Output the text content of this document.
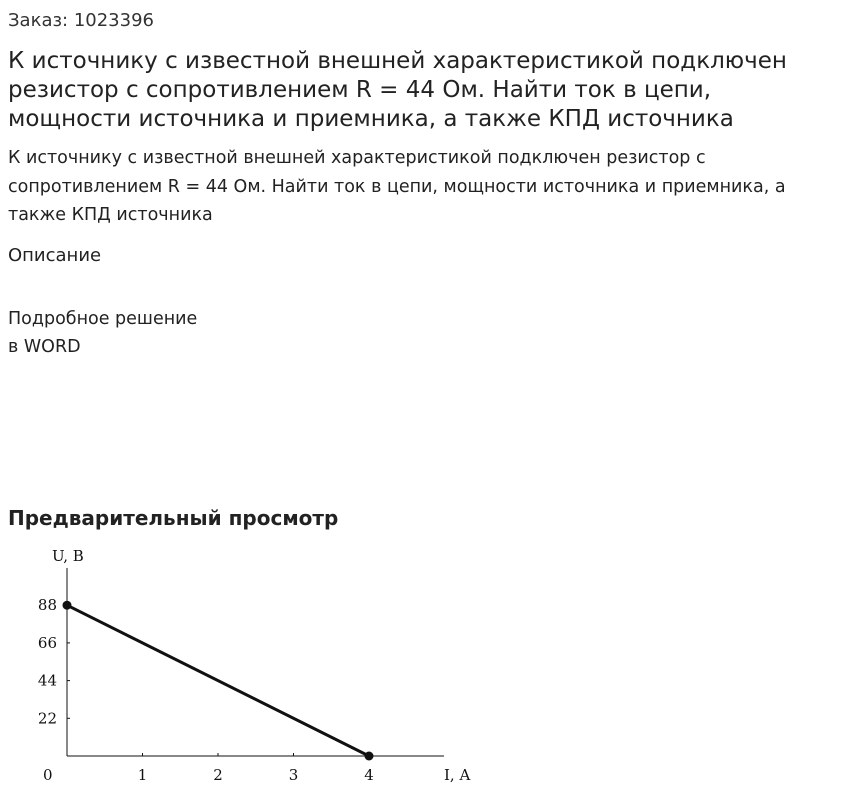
Заказ: 1023396
К источнику с известной внешней характеристикой подключен резистор с сопротивлением R = 44 Ом. Найти ток в цепи, мощности источника и приемника, а также КПД источника

К источнику с известной внешней характеристикой подключен резистор с сопротивлением R = 44 Ом. Найти ток в цепи, мощности источника и приемника, а также КПД источника

Описание
Подробное решение
в WORD
Предварительный просмотр
1	2	3	4
22
44
66
88
U, B
I, A
0
